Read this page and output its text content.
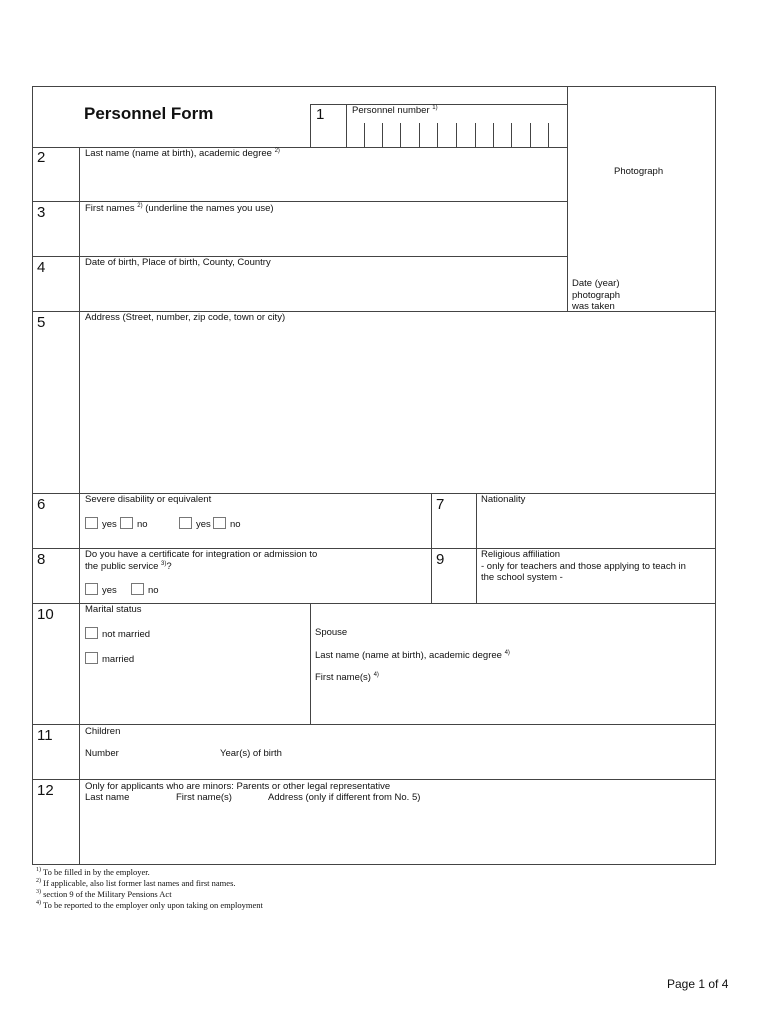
Personnel Form	1	Personnel number $^{1)}$
Photograph
Date (year)
photograph
was taken
2	Last name (name at birth), academic degree $^{2)}$
3	First names $^{2)}$ (underline the names you use)
4	Date of birth, Place of birth, County, Country
5	Address (Street, number, zip code, town or city)
6	Severe disability or equivalent
yes no	yes no
7	Nationality
8	Do you have a certificate for integration or admission to
the public service $^{3)}$?
yes	no
9	Religious affiliation
- only for teachers and those applying to teach in
the school system -
10	Marital status
not married
married
Spouse
Last name (name at birth), academic degree $^{4)}$
First name(s) $^{4)}$
11	Children
Number	Year(s) of birth
12	Only for applicants who are minors: Parents or other legal representative
Last name	First name(s)	Address (only if different from No. 5)
$^{1)}$ To be filled in by the employer.
$^{2)}$ If applicable, also list former last names and first names.
$^{3)}$ section 9 of the Military Pensions Act
$^{4)}$ To be reported to the employer only upon taking on employment
Page 1 of 4
